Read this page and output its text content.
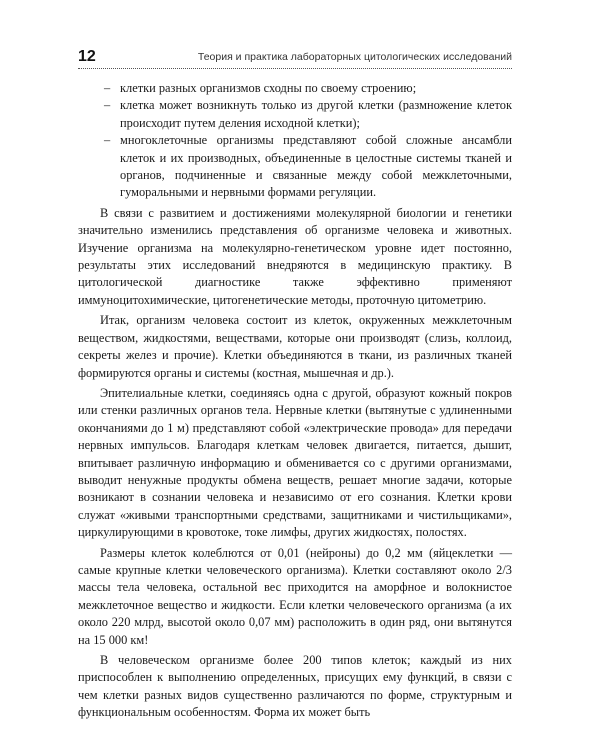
12	Теория и практика лабораторных цитологических исследований
– клетки разных организмов сходны по своему строению;
– клетка может возникнуть только из другой клетки (размножение клеток происходит путем деления исходной клетки);
– многоклеточные организмы представляют собой сложные ансамбли клеток и их производных, объединенные в целостные системы тканей и органов, подчиненные и связанные между собой межклеточными, гуморальными и нервными формами регуляции.

В связи с развитием и достижениями молекулярной биологии и генетики значительно изменились представления об организме человека и животных. Изучение организма на молекулярно-генетическом уровне идет постоянно, результаты этих исследований внедряются в медицинскую практику. В цитологической диагностике также эффективно применяют иммуноцитохимические, цитогенетические методы, проточную цитометрию.

Итак, организм человека состоит из клеток, окруженных межклеточным веществом, жидкостями, веществами, которые они производят (слизь, коллоид, секреты желез и прочие). Клетки объединяются в ткани, из различных тканей формируются органы и системы (костная, мышечная и др.).

Эпителиальные клетки, соединяясь одна с другой, образуют кожный покров или стенки различных органов тела. Нервные клетки (вытянутые с удлиненными окончаниями до 1 м) представляют собой «электрические провода» для передачи нервных импульсов. Благодаря клеткам человек двигается, питается, дышит, впитывает различную информацию и обменивается со с другими организмами, выводит ненужные продукты обмена веществ, решает многие задачи, которые возникают в сознании человека и независимо от его сознания. Клетки крови служат «живыми транспортными средствами, защитниками и чистильщиками», циркулирующими в кровотоке, токе лимфы, других жидкостях, полостях.

Размеры клеток колеблются от 0,01 (нейроны) до 0,2 мм (яйцеклетки — самые крупные клетки человеческого организма). Клетки составляют около 2/3 массы тела человека, остальной вес приходится на аморфное и волокнистое межклеточное вещество и жидкости. Если клетки человеческого организма (а их около 220 млрд, высотой около 0,07 мм) расположить в один ряд, они вытянутся на 15 000 км!

В человеческом организме более 200 типов клеток; каждый из них приспособлен к выполнению определенных, присущих ему функций, в связи с чем клетки разных видов существенно различаются по форме, структурным и функциональным особенностям. Форма их может быть
